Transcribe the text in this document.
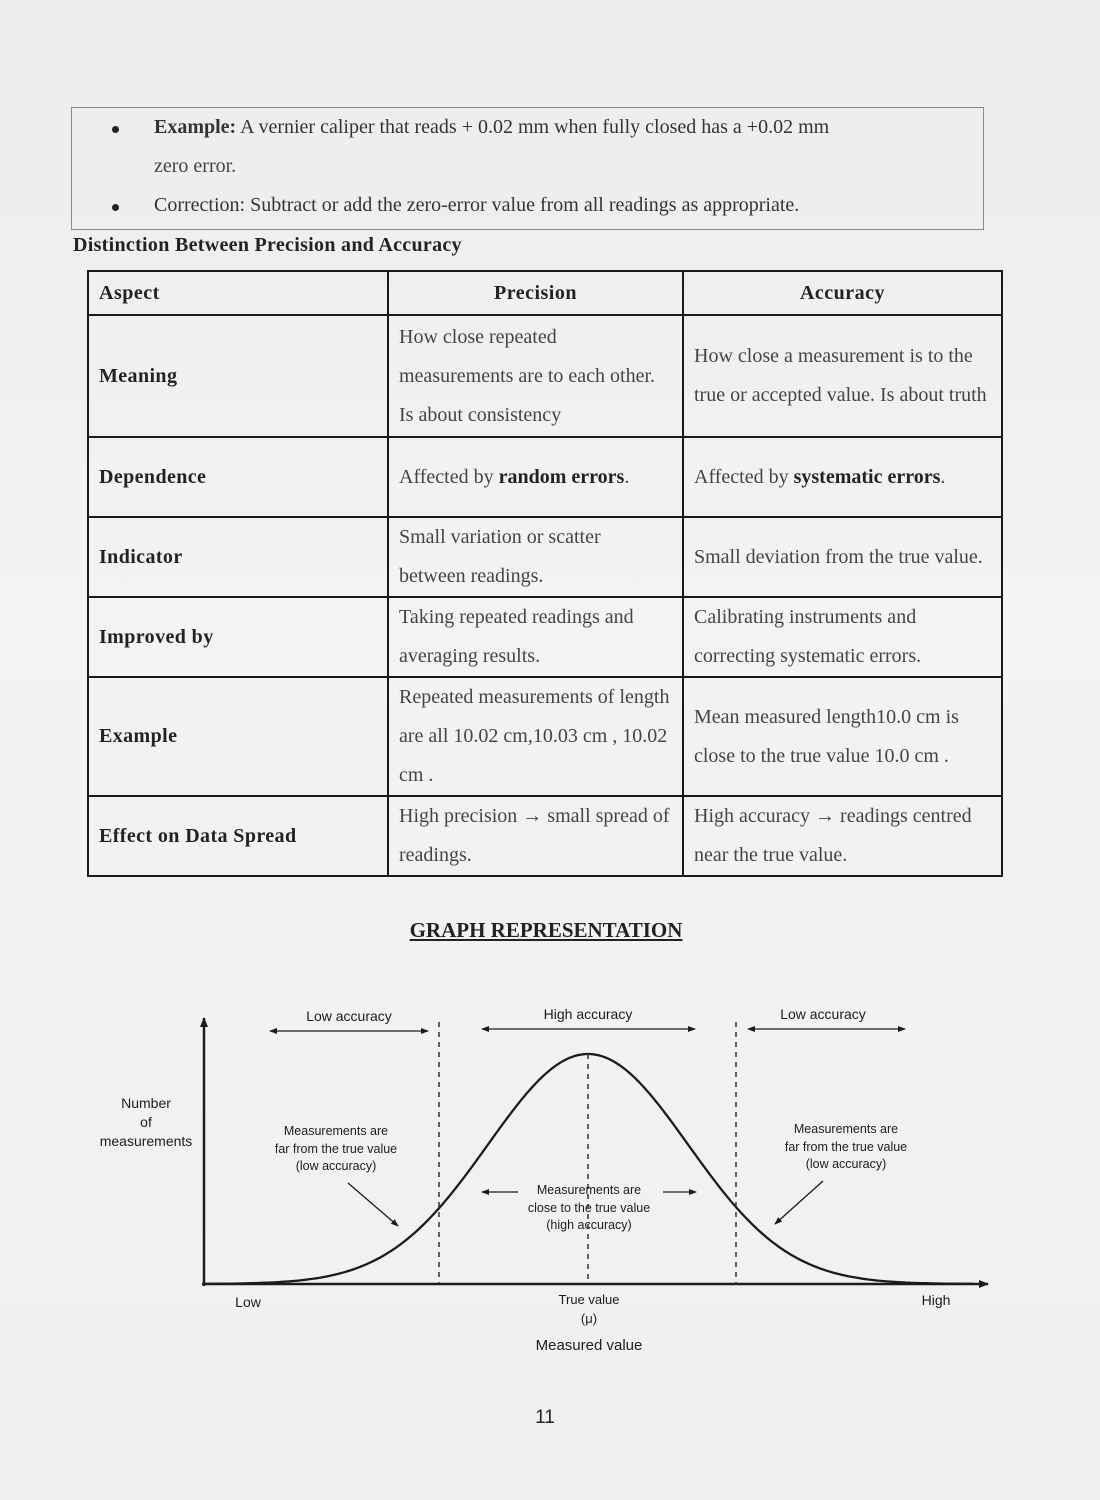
Example: A vernier caliper that reads + 0.02 mm when fully closed has a +0.02 mm
zero error.
Correction: Subtract or add the zero-error value from all readings as appropriate.
Distinction Between Precision and Accuracy
Aspect	Precision	Accuracy
Meaning	How close repeated measurements are to each other. Is about consistency	How close a measurement is to the true or accepted value. Is about truth
Dependence	Affected by random errors.	Affected by systematic errors.
Indicator	Small variation or scatter between readings.	Small deviation from the true value.
Improved by	Taking repeated readings and averaging results.	Calibrating instruments and correcting systematic errors.
Example	Repeated measurements of length are all 10.02 cm,10.03 cm , 10.02 cm .	Mean measured length10.0 cm is close to the true value 10.0 cm .
Effect on Data Spread	High precision → small spread of readings.	High accuracy → readings centred near the true value.
GRAPH REPRESENTATION
Low accuracy	High accuracy	Low accuracy
Number
of
measurements
Measurements are
far from the true value
(low accuracy)
Measurements are
close to the true value
(high accuracy)
Measurements are
far from the true value
(low accuracy)
Low	High
True value
(μ)
Measured value
11
